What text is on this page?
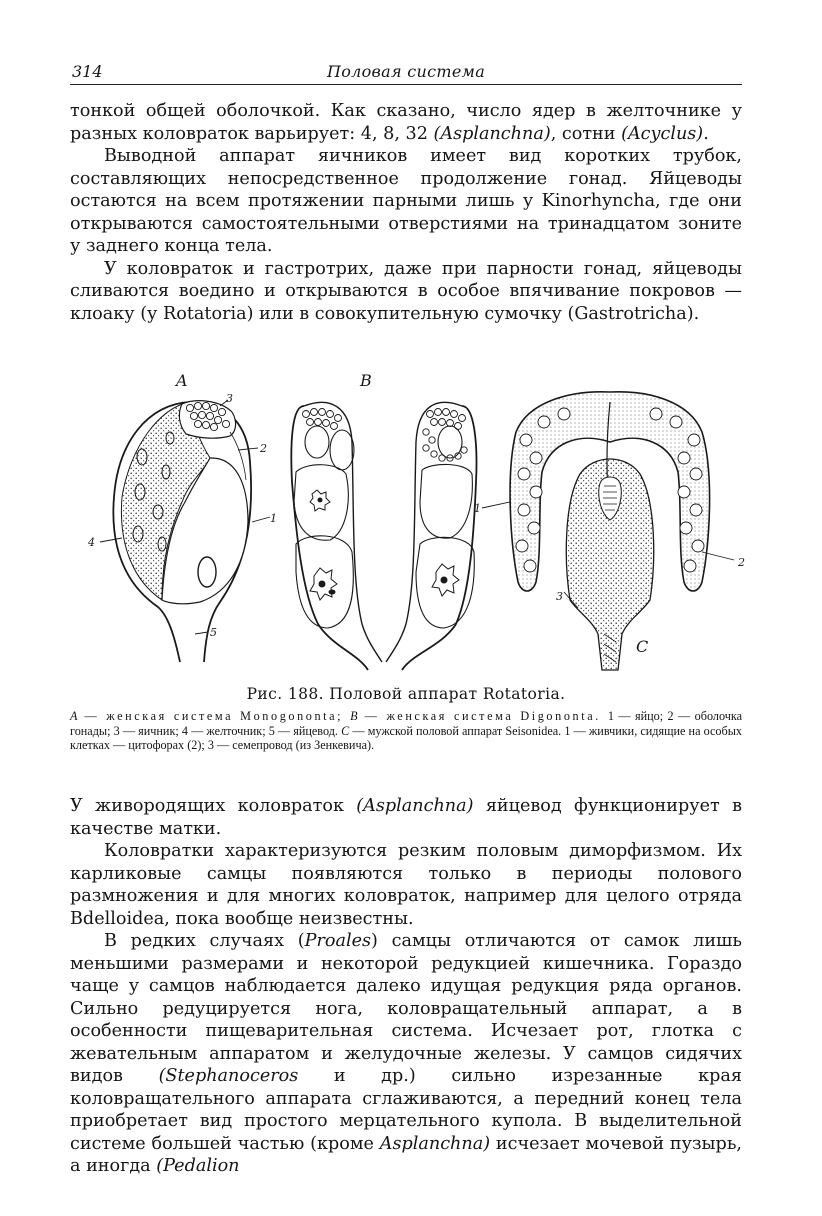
314	Половая система

тонкой общей оболочкой. Как сказано, число ядер в желточнике у разных коловраток варьирует: 4, 8, 32 (Asplanchna), сотни (Acyclus).

Выводной аппарат яичников имеет вид коротких трубок, составляющих непосредственное продолжение гонад. Яйцеводы остаются на всем протяжении парными лишь у Kinorhyncha, где они открываются самостоятельными отверстиями на тринадцатом зоните у заднего конца тела.

У коловраток и гастротрих, даже при парности гонад, яйцеводы сливаются воедино и открываются в особое впячивание покровов — клоаку (у Rotatoria) или в совокупительную сумочку (Gastrotricha).

A	B
C
1
2
3
4
5
1
2
3
Рис. 188. Половой аппарат Rotatoria.
А — женская система Monogononta; В — женская система Digononta. 1 — яйцо; 2 — оболочка гонады; 3 — яичник; 4 — желточник; 5 — яйцевод. С — мужской половой аппарат Seisonidea. 1 — живчики, сидящие на особых клетках — цитофорах (2); 3 — семепровод (из Зенкевича).

У живородящих коловраток (Asplanchna) яйцевод функционирует в качестве матки.

Коловратки характеризуются резким половым диморфизмом. Их карликовые самцы появляются только в периоды полового размножения и для многих коловраток, например для целого отряда Bdelloidea, пока вообще неизвестны.

В редких случаях (Proales) самцы отличаются от самок лишь меньшими размерами и некоторой редукцией кишечника. Гораздо чаще у самцов наблюдается далеко идущая редукция ряда органов. Сильно редуцируется нога, коловращательный аппарат, а в особенности пищеварительная система. Исчезает рот, глотка с жевательным аппаратом и желудочные железы. У самцов сидячих видов (Stephanoceros и др.) сильно изрезанные края коловращательного аппарата сглаживаются, а передний конец тела приобретает вид простого мерцательного купола. В выделительной системе большей частью (кроме Asplanchna) исчезает мочевой пузырь, а иногда (Pedalion
